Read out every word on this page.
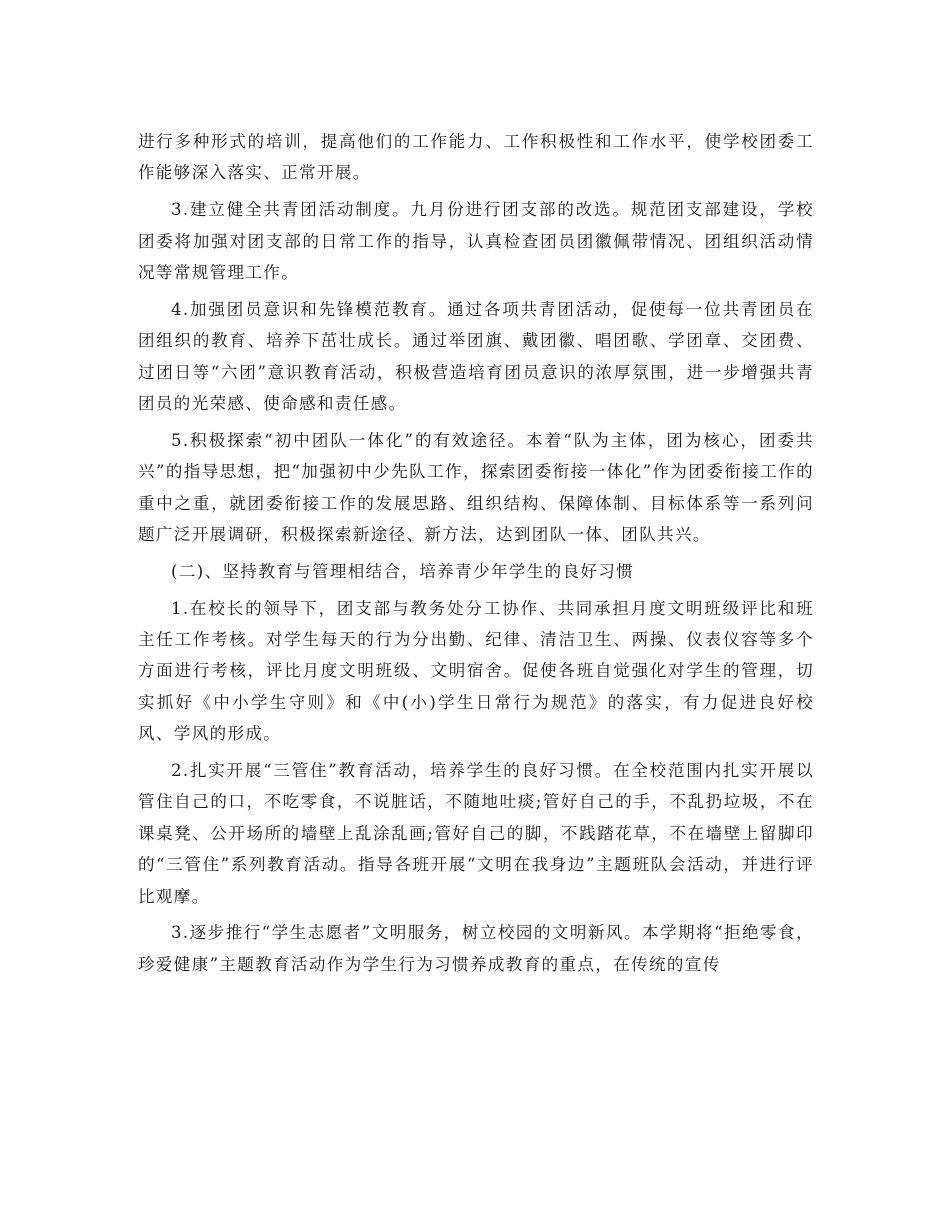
进行多种形式的培训，提高他们的工作能力、工作积极性和工作水平，使学校团委工作能够深入落实、正常开展。

3.建立健全共青团活动制度。九月份进行团支部的改选。规范团支部建设，学校团委将加强对团支部的日常工作的指导，认真检查团员团徽佩带情况、团组织活动情况等常规管理工作。

4.加强团员意识和先锋模范教育。通过各项共青团活动，促使每一位共青团员在团组织的教育、培养下茁壮成长。通过举团旗、戴团徽、唱团歌、学团章、交团费、过团日等“六团”意识教育活动，积极营造培育团员意识的浓厚氛围，进一步增强共青团员的光荣感、使命感和责任感。

5.积极探索“初中团队一体化”的有效途径。本着“队为主体，团为核心，团委共兴”的指导思想，把“加强初中少先队工作，探索团委衔接一体化”作为团委衔接工作的重中之重，就团委衔接工作的发展思路、组织结构、保障体制、目标体系等一系列问题广泛开展调研，积极探索新途径、新方法，达到团队一体、团队共兴。

(二)、坚持教育与管理相结合，培养青少年学生的良好习惯

1.在校长的领导下，团支部与教务处分工协作、共同承担月度文明班级评比和班主任工作考核。对学生每天的行为分出勤、纪律、清洁卫生、两操、仪表仪容等多个方面进行考核，评比月度文明班级、文明宿舍。促使各班自觉强化对学生的管理，切实抓好《中小学生守则》和《中(小)学生日常行为规范》的落实，有力促进良好校风、学风的形成。

2.扎实开展“三管住”教育活动，培养学生的良好习惯。在全校范围内扎实开展以管住自己的口，不吃零食，不说脏话，不随地吐痰;管好自己的手，不乱扔垃圾，不在课桌凳、公开场所的墙壁上乱涂乱画;管好自己的脚，不践踏花草，不在墙壁上留脚印的“三管住”系列教育活动。指导各班开展“文明在我身边”主题班队会活动，并进行评比观摩。

3.逐步推行“学生志愿者”文明服务，树立校园的文明新风。本学期将“拒绝零食，珍爱健康”主题教育活动作为学生行为习惯养成教育的重点，在传统的宣传
